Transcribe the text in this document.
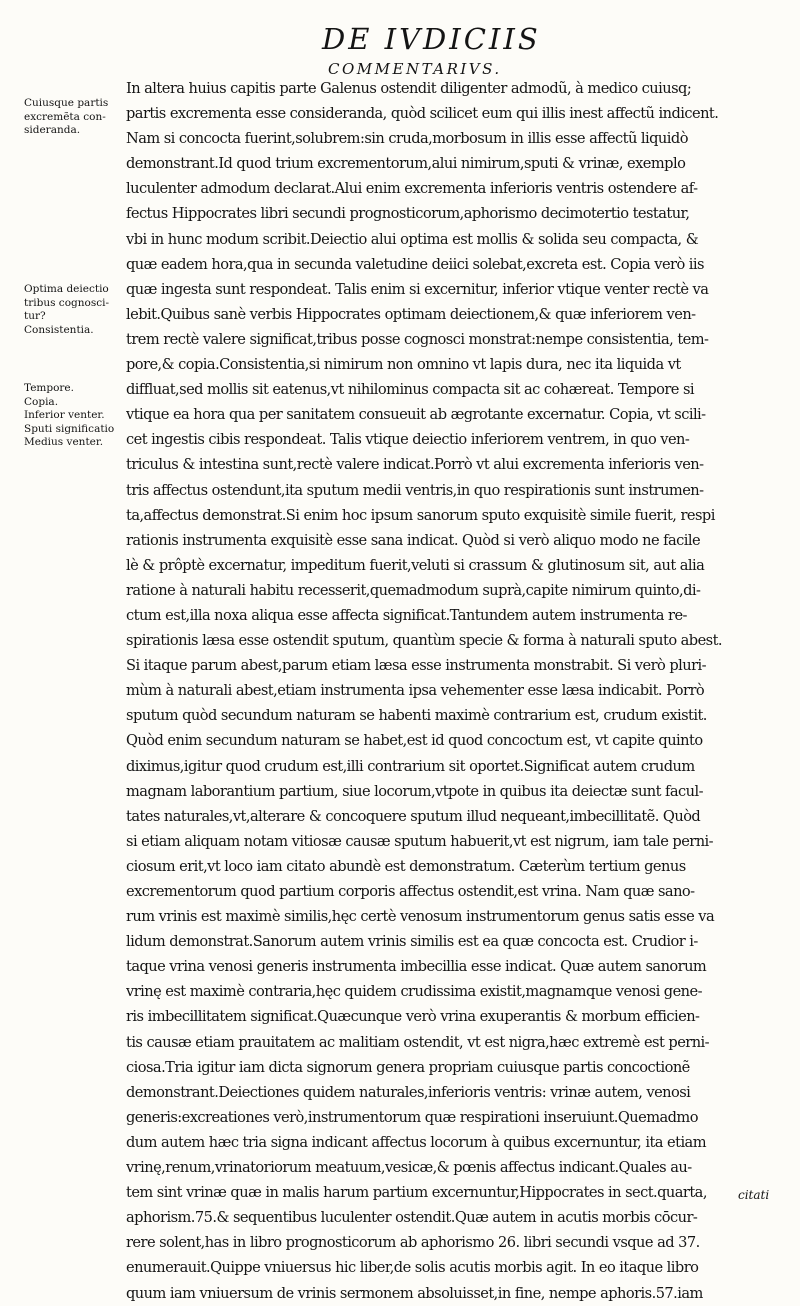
DE IVDICIIS
COMMENTARIVS.
Cuiusque partis
excremẽta con-
sideranda.
Optima deiectio
tribus cognosci-
tur?
Consistentia.
Tempore.
Copia.
Inferior venter.
Sputi significatio
Medius venter.
In altera huius capitis parte Galenus ostendit diligenter admodũ, à medico cuiusq;
partis excrementa esse consideranda, quòd scilicet eum qui illis inest affectũ indicent.
Nam si concocta fuerint,solubrem:sin cruda,morbosum in illis esse affectũ liquidò
demonstrant.Id quod trium excrementorum,alui nimirum,sputi & vrinæ, exemplo
luculenter admodum declarat.Alui enim excrementa inferioris ventris ostendere af-
fectus Hippocrates libri secundi prognosticorum,aphorismo decimotertio testatur,
vbi in hunc modum scribit.Deiectio alui optima est mollis & solida seu compacta, &
quæ eadem hora,qua in secunda valetudine deiici solebat,excreta est. Copia verò iis
quæ ingesta sunt respondeat. Talis enim si excernitur, inferior vtique venter rectè va
lebit.Quibus sanè verbis Hippocrates optimam deiectionem,& quæ inferiorem ven-
trem rectè valere significat,tribus posse cognosci monstrat:nempe consistentia, tem-
pore,& copia.Consistentia,si nimirum non omnino vt lapis dura, nec ita liquida vt
diffluat,sed mollis sit eatenus,vt nihilominus compacta sit ac cohæreat. Tempore si
vtique ea hora qua per sanitatem consueuit ab ægrotante excernatur. Copia, vt scili-
cet ingestis cibis respondeat. Talis vtique deiectio inferiorem ventrem, in quo ven-
triculus & intestina sunt,rectè valere indicat.Porrò vt alui excrementa inferioris ven-
tris affectus ostendunt,ita sputum medii ventris,in quo respirationis sunt instrumen-
ta,affectus demonstrat.Si enim hoc ipsum sanorum sputo exquisitè simile fuerit, respi
rationis instrumenta exquisitè esse sana indicat. Quòd si verò aliquo modo ne facile
lè & prôptè excernatur, impeditum fuerit,veluti si crassum & glutinosum sit, aut alia
ratione à naturali habitu recesserit,quemadmodum suprà,capite nimirum quinto,di-
ctum est,illa noxa aliqua esse affecta significat.Tantundem autem instrumenta re-
spirationis læsa esse ostendit sputum, quantùm specie & forma à naturali sputo abest.
Si itaque parum abest,parum etiam læsa esse instrumenta monstrabit. Si verò pluri-
mùm à naturali abest,etiam instrumenta ipsa vehementer esse læsa indicabit. Porrò
sputum quòd secundum naturam se habenti maximè contrarium est, crudum existit.
Quòd enim secundum naturam se habet,est id quod concoctum est, vt capite quinto
diximus,igitur quod crudum est,illi contrarium sit oportet.Significat autem crudum
magnam laborantium partium, siue locorum,vtpote in quibus ita deiectæ sunt facul-
tates naturales,vt,alterare & concoquere sputum illud nequeant,imbecillitatẽ. Quòd
si etiam aliquam notam vitiosæ causæ sputum habuerit,vt est nigrum, iam tale perni-
ciosum erit,vt loco iam citato abundè est demonstratum. Cæterùm tertium genus
excrementorum quod partium corporis affectus ostendit,est vrina. Nam quæ sano-
rum vrinis est maximè similis,hęc certè venosum instrumentorum genus satis esse va
lidum demonstrat.Sanorum autem vrinis similis est ea quæ concocta est. Crudior i-
taque vrina venosi generis instrumenta imbecillia esse indicat. Quæ autem sanorum
vrinę est maximè contraria,hęc quidem crudissima existit,magnamque venosi gene-
ris imbecillitatem significat.Quæcunque verò vrina exuperantis & morbum efficien-
tis causæ etiam prauitatem ac malitiam ostendit, vt est nigra,hæc extremè est perni-
ciosa.Tria igitur iam dicta signorum genera propriam cuiusque partis concoctionẽ
demonstrant.Deiectiones quidem naturales,inferioris ventris: vrinæ autem, venosi
generis:excreationes verò,instrumentorum quæ respirationi inseruiunt.Quemadmo
dum autem hæc tria signa indicant affectus locorum à quibus excernuntur, ita etiam
vrinę,renum,vrinatoriorum meatuum,vesicæ,& pœnis affectus indicant.Quales au-
tem sint vrinæ quæ in malis harum partium excernuntur,Hippocrates in sect.quarta,
aphorism.75.& sequentibus luculenter ostendit.Quæ autem in acutis morbis cōcur-
rere solent,has in libro prognosticorum ab aphorismo 26. libri secundi vsque ad 37.
enumerauit.Quippe vniuersus hic liber,de solis acutis morbis agit. In eo itaque libro
quum iam vniuersum de vrinis sermonem absoluisset,in fine, nempe aphoris.57.iam
citati
